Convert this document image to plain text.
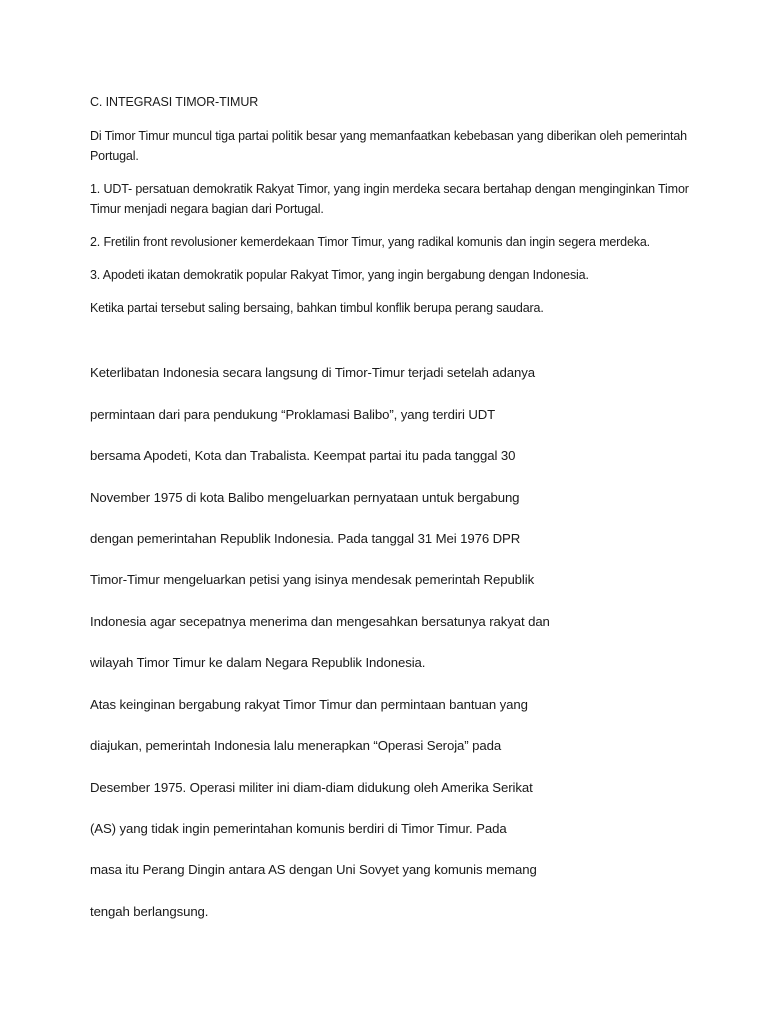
C. INTEGRASI TIMOR-TIMUR

Di Timor Timur muncul tiga partai politik besar yang memanfaatkan kebebasan yang diberikan oleh pemerintah Portugal.

1. UDT- persatuan demokratik Rakyat Timor, yang ingin merdeka secara bertahap dengan menginginkan Timor Timur menjadi negara bagian dari Portugal.

2. Fretilin front revolusioner kemerdekaan Timor Timur, yang radikal komunis dan ingin segera merdeka.

3. Apodeti ikatan demokratik popular Rakyat Timor, yang ingin bergabung dengan Indonesia.

Ketika partai tersebut saling bersaing, bahkan timbul konflik berupa perang saudara.

Keterlibatan Indonesia secara langsung di Timor-Timur terjadi setelah adanya
permintaan dari para pendukung “Proklamasi Balibo”, yang terdiri UDT
bersama Apodeti, Kota dan Trabalista. Keempat partai itu pada tanggal 30
November 1975 di kota Balibo mengeluarkan pernyataan untuk bergabung
dengan pemerintahan Republik Indonesia. Pada tanggal 31 Mei 1976 DPR
Timor-Timur mengeluarkan petisi yang isinya mendesak pemerintah Republik
Indonesia agar secepatnya menerima dan mengesahkan bersatunya rakyat dan
wilayah Timor Timur ke dalam Negara Republik Indonesia.
Atas keinginan bergabung rakyat Timor Timur dan permintaan bantuan yang
diajukan, pemerintah Indonesia lalu menerapkan “Operasi Seroja” pada
Desember 1975. Operasi militer ini diam-diam didukung oleh Amerika Serikat
(AS) yang tidak ingin pemerintahan komunis berdiri di Timor Timur. Pada
masa itu Perang Dingin antara AS dengan Uni Sovyet yang komunis memang
tengah berlangsung.
